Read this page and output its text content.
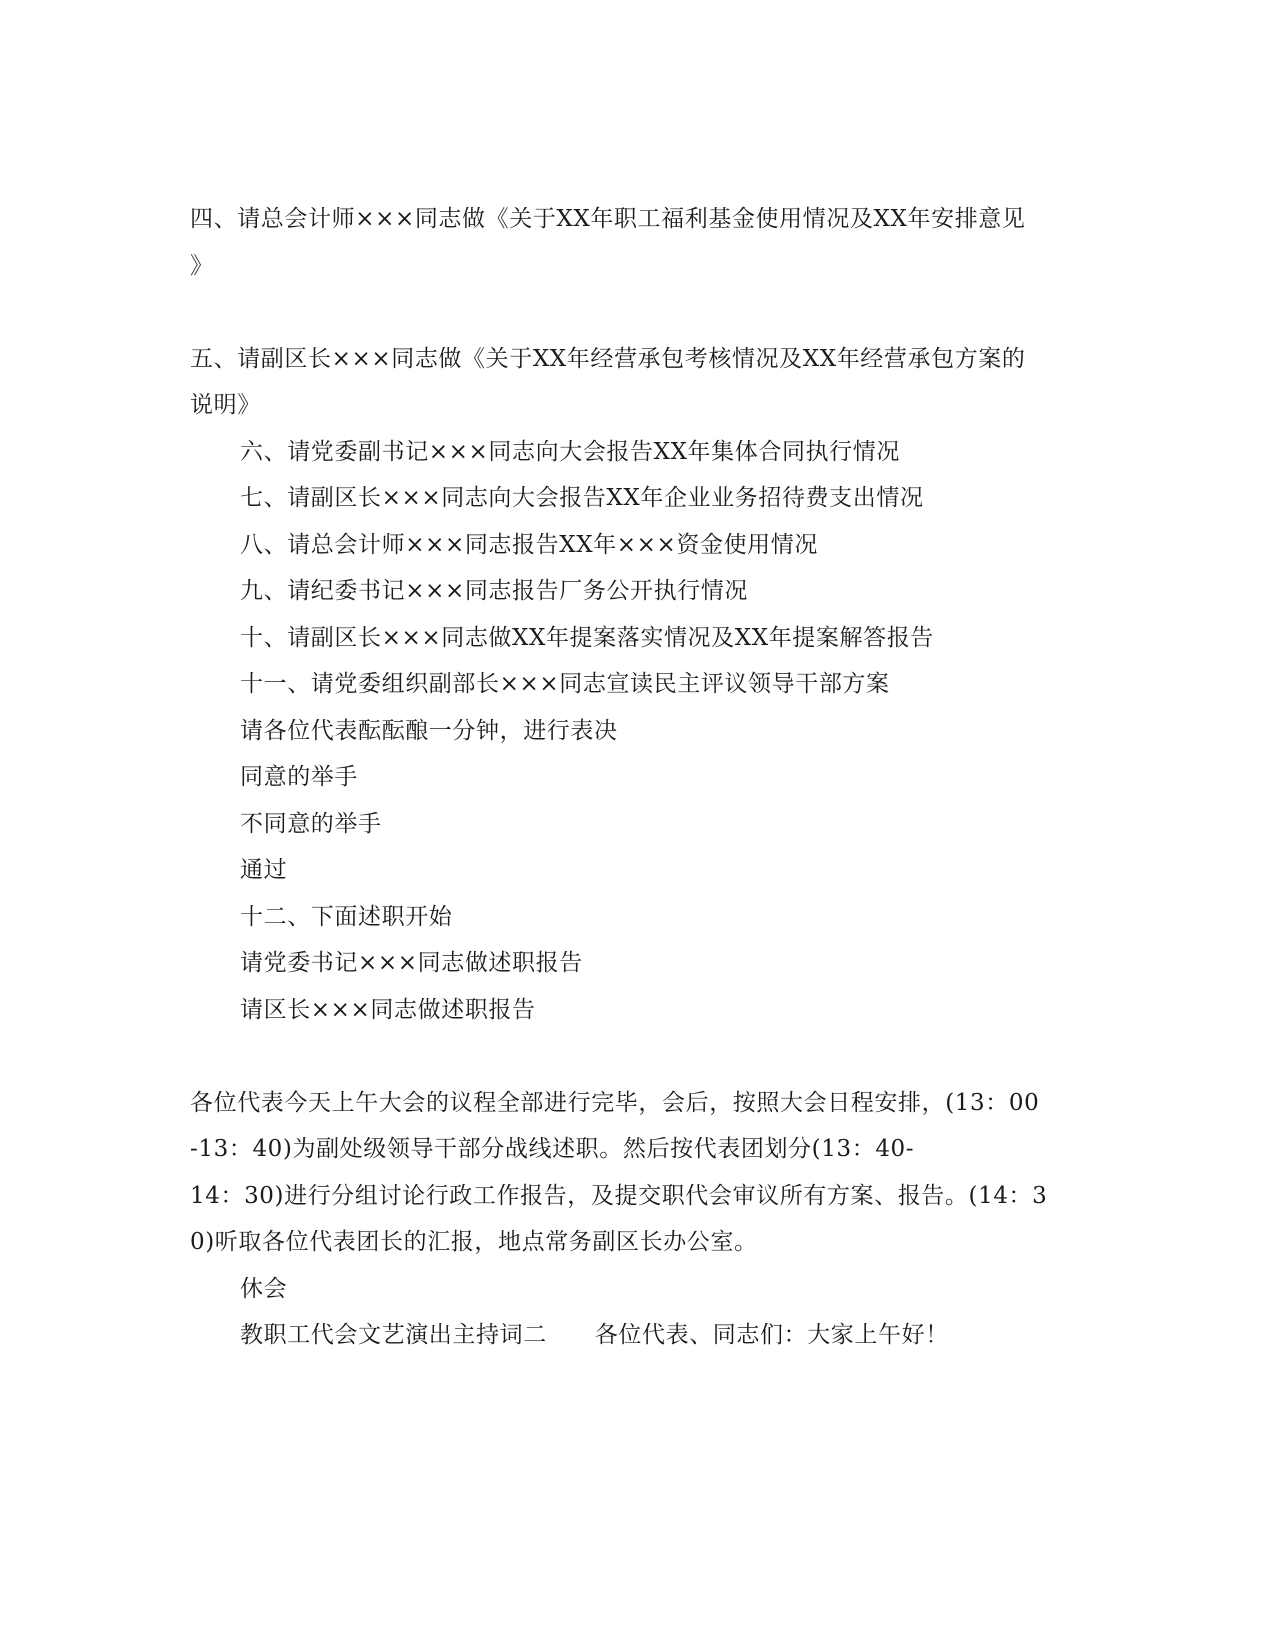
四、请总会计师×××同志做《关于XX年职工福利基金使用情况及XX年安排意见
》
五、请副区长×××同志做《关于XX年经营承包考核情况及XX年经营承包方案的
说明》
六、请党委副书记×××同志向大会报告XX年集体合同执行情况
七、请副区长×××同志向大会报告XX年企业业务招待费支出情况
八、请总会计师×××同志报告XX年×××资金使用情况
九、请纪委书记×××同志报告厂务公开执行情况
十、请副区长×××同志做XX年提案落实情况及XX年提案解答报告
十一、请党委组织副部长×××同志宣读民主评议领导干部方案
请各位代表酝酝酿一分钟，进行表决
同意的举手
不同意的举手
通过
十二、下面述职开始
请党委书记×××同志做述职报告
请区长×××同志做述职报告
各位代表今天上午大会的议程全部进行完毕，会后，按照大会日程安排，(13：00
-13：40)为副处级领导干部分战线述职。然后按代表团划分(13：40-
14：30)进行分组讨论行政工作报告，及提交职代会审议所有方案、报告。(14：3
0)听取各位代表团长的汇报，地点常务副区长办公室。
休会
教职工代会文艺演出主持词二 各位代表、同志们：大家上午好！
